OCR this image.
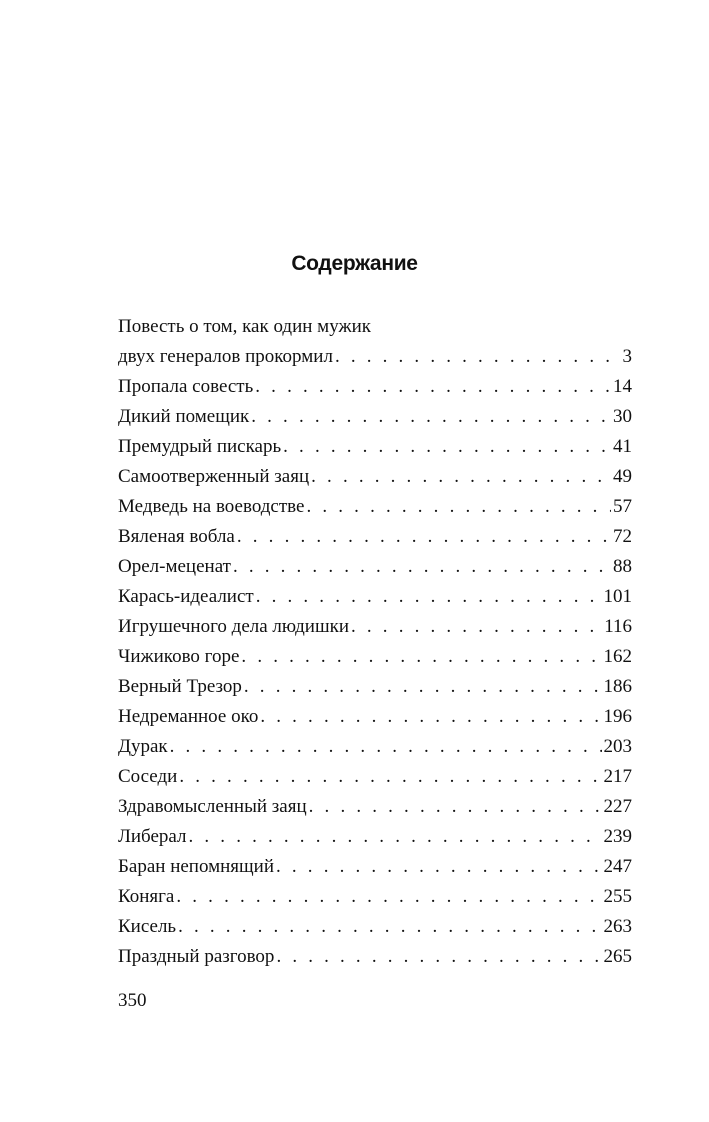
Содержание
Повесть о том, как один мужик
двух генералов прокормил . . .	3
Пропала совесть . . .	14
Дикий помещик . . .	30
Премудрый пискарь . . .	41
Самоотверженный заяц . . .	49
Медведь на воеводстве . . .	57
Вяленая вобла . . .	72
Орел-меценат . . .	88
Карась-идеалист . . .	101
Игрушечного дела людишки . . .	116
Чижиково горе . . .	162
Верный Трезор . . .	186
Недреманное око . . .	196
Дурак . . .	203
Соседи . . .	217
Здравомысленный заяц . . .	227
Либерал . . .	239
Баран непомнящий . . .	247
Коняга . . .	255
Кисель . . .	263
Праздный разговор . . .	265
350
